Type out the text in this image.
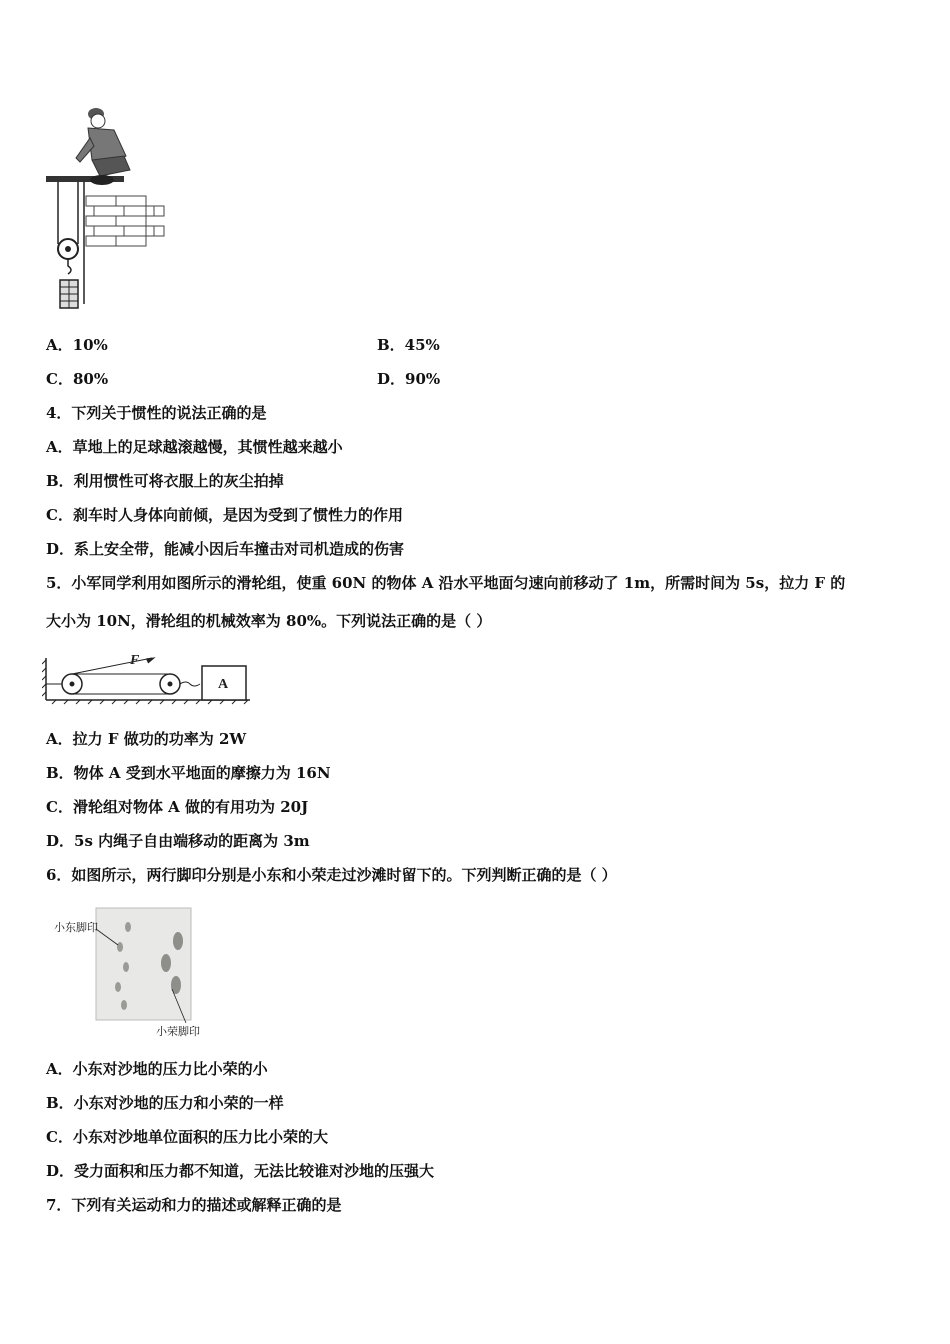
A．10%	B．45%
C．80%	D．90%
4．下列关于惯性的说法正确的是
A．草地上的足球越滚越慢，其惯性越来越小
B．利用惯性可将衣服上的灰尘拍掉
C．刹车时人身体向前倾，是因为受到了惯性力的作用
D．系上安全带，能减小因后车撞击对司机造成的伤害
5．小军同学利用如图所示的滑轮组，使重 60N 的物体 A 沿水平地面匀速向前移动了 1m，所需时间为 5s，拉力 F 的
大小为 10N，滑轮组的机械效率为 80%。下列说法正确的是（ ）
F
A
A．拉力 F 做功的功率为 2W
B．物体 A 受到水平地面的摩擦力为 16N
C．滑轮组对物体 A 做的有用功为 20J
D．5s 内绳子自由端移动的距离为 3m
6．如图所示，两行脚印分别是小东和小荣走过沙滩时留下的。下列判断正确的是（ ）
小东脚印
小荣脚印
A．小东对沙地的压力比小荣的小
B．小东对沙地的压力和小荣的一样
C．小东对沙地单位面积的压力比小荣的大
D．受力面积和压力都不知道，无法比较谁对沙地的压强大
7．下列有关运动和力的描述或解释正确的是
